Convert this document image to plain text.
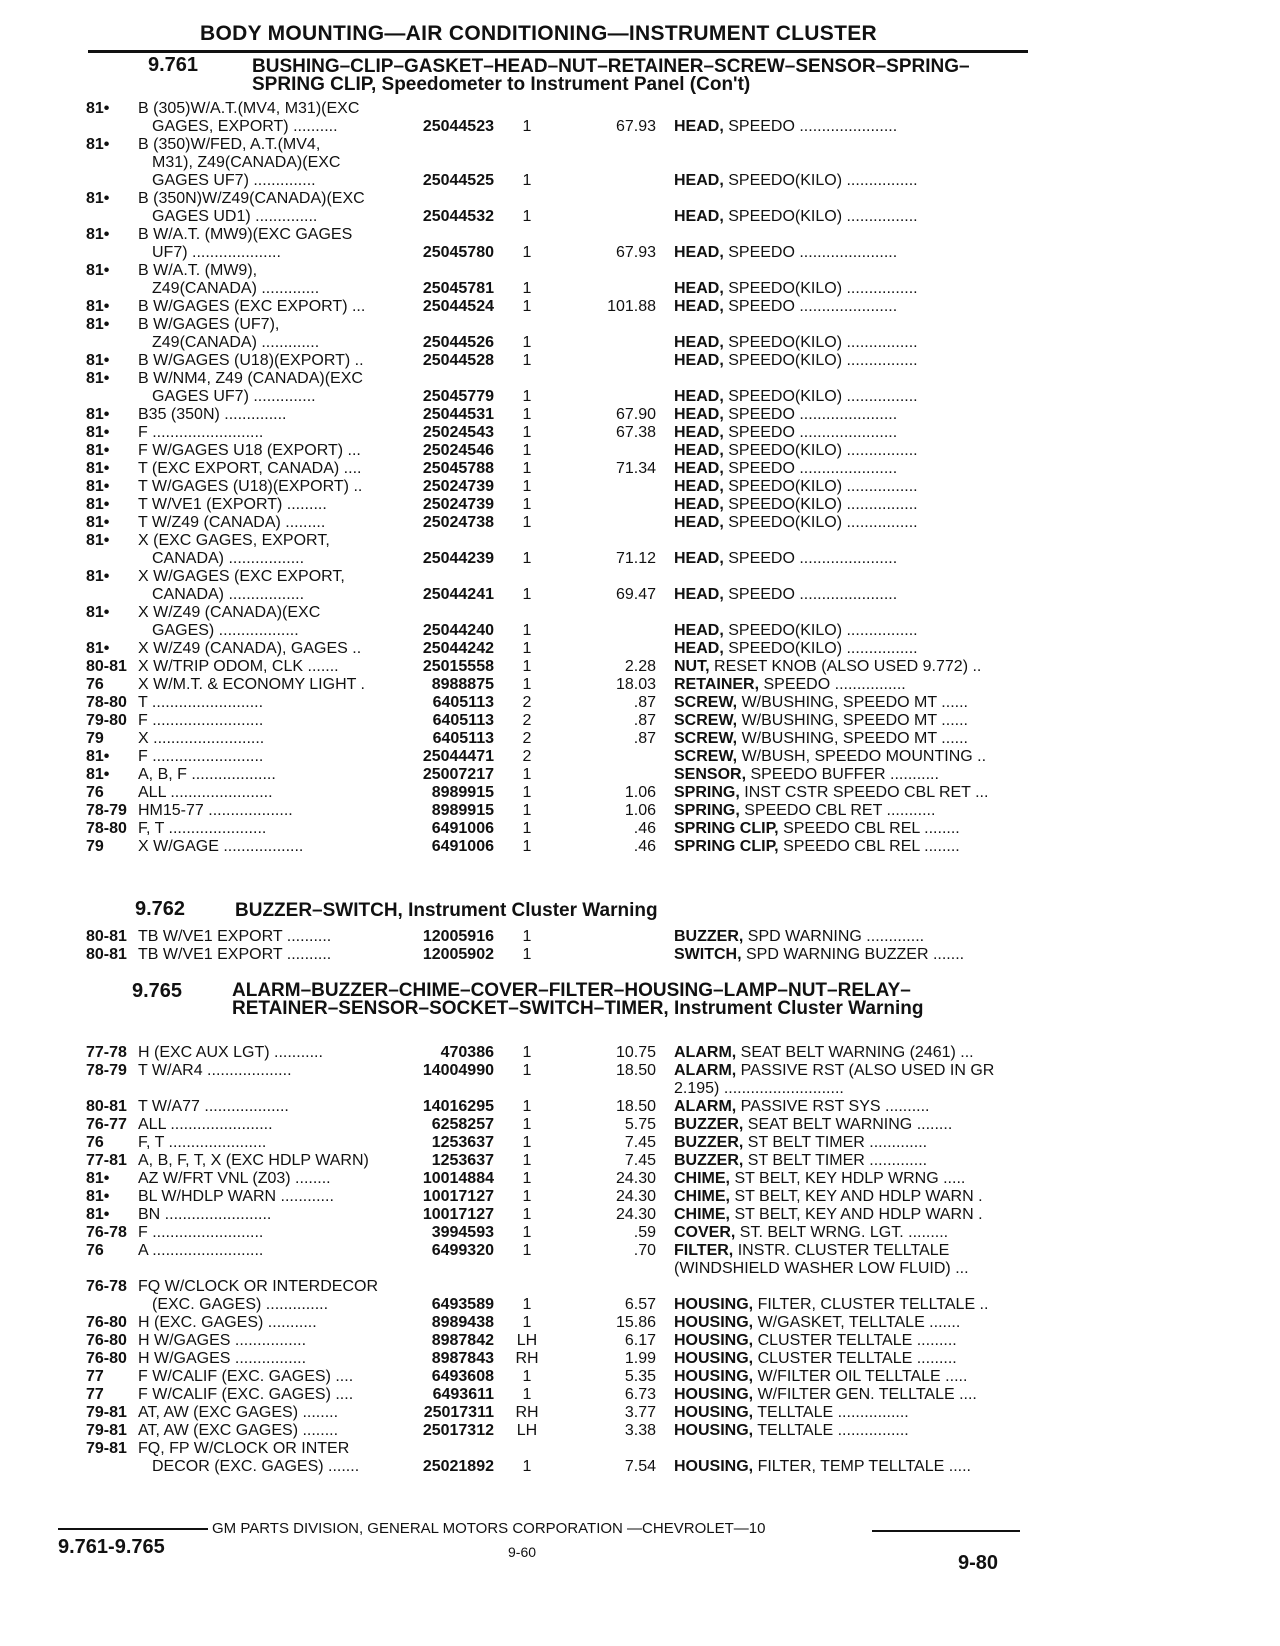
BODY MOUNTING—AIR CONDITIONING—INSTRUMENT CLUSTER
9.761	BUSHING–CLIP–GASKET–HEAD–NUT–RETAINER–SCREW–SENSOR–SPRING–SPRING CLIP, Speedometer to Instrument Panel (Con't)
81• B (305)W/A.T.(MV4, M31)(EXC
GAGES, EXPORT) ..........	25044523	1	67.93 HEAD, SPEEDO ......................
81• B (350)W/FED, A.T.(MV4,
M31), Z49(CANADA)(EXC
GAGES UF7) ..............	25044525	1	HEAD, SPEEDO(KILO) ................
81• B (350N)W/Z49(CANADA)(EXC
GAGES UD1) ..............	25044532	1	HEAD, SPEEDO(KILO) ................
81• B W/A.T. (MW9)(EXC GAGES
UF7) ....................	25045780	1	67.93 HEAD, SPEEDO ......................
81• B W/A.T. (MW9),
Z49(CANADA) .............	25045781	1	HEAD, SPEEDO(KILO) ................
81• B W/GAGES (EXC EXPORT) ...	25044524	1	101.88 HEAD, SPEEDO ......................
81• B W/GAGES (UF7),
Z49(CANADA) .............	25044526	1	HEAD, SPEEDO(KILO) ................
81• B W/GAGES (U18)(EXPORT) ..	25044528	1	HEAD, SPEEDO(KILO) ................
81• B W/NM4, Z49 (CANADA)(EXC
GAGES UF7) ..............	25045779	1	HEAD, SPEEDO(KILO) ................
81• B35 (350N) ..............	25044531	1	67.90 HEAD, SPEEDO ......................
81• F .........................	25024543	1	67.38 HEAD, SPEEDO ......................
81• F W/GAGES U18 (EXPORT) ...	25024546	1	HEAD, SPEEDO(KILO) ................
81• T (EXC EXPORT, CANADA) ....	25045788	1	71.34 HEAD, SPEEDO ......................
81• T W/GAGES (U18)(EXPORT) ..	25024739	1	HEAD, SPEEDO(KILO) ................
81• T W/VE1 (EXPORT) .........	25024739	1	HEAD, SPEEDO(KILO) ................
81• T W/Z49 (CANADA) .........	25024738	1	HEAD, SPEEDO(KILO) ................
81• X (EXC GAGES, EXPORT,
CANADA) .................	25044239	1	71.12 HEAD, SPEEDO ......................
81• X W/GAGES (EXC EXPORT,
CANADA) .................	25044241	1	69.47 HEAD, SPEEDO ......................
81• X W/Z49 (CANADA)(EXC
GAGES) ..................	25044240	1	HEAD, SPEEDO(KILO) ................
81• X W/Z49 (CANADA), GAGES ..	25044242	1	HEAD, SPEEDO(KILO) ................
80-81 X W/TRIP ODOM, CLK .......	25015558	1	2.28 NUT, RESET KNOB (ALSO USED 9.772) ..
76 X W/M.T. & ECONOMY LIGHT .	8988875	1	18.03 RETAINER, SPEEDO ................
78-80 T .........................	6405113	2	.87 SCREW, W/BUSHING, SPEEDO MT ......
79-80 F .........................	6405113	2	.87 SCREW, W/BUSHING, SPEEDO MT ......
79 X .........................	6405113	2	.87 SCREW, W/BUSHING, SPEEDO MT ......
81• F .........................	25044471	2	SCREW, W/BUSH, SPEEDO MOUNTING ..
81• A, B, F ...................	25007217	1	SENSOR, SPEEDO BUFFER ...........
76 ALL .......................	8989915	1	1.06 SPRING, INST CSTR SPEEDO CBL RET ...
78-79 HM15-77 ...................	8989915	1	1.06 SPRING, SPEEDO CBL RET ...........
78-80 F, T ......................	6491006	1	.46 SPRING CLIP, SPEEDO CBL REL ........
79 X W/GAGE ..................	6491006	1	.46 SPRING CLIP, SPEEDO CBL REL ........
9.762	BUZZER–SWITCH, Instrument Cluster Warning
80-81 TB W/VE1 EXPORT ..........	12005916	1	BUZZER, SPD WARNING .............
80-81 TB W/VE1 EXPORT ..........	12005902	1	SWITCH, SPD WARNING BUZZER .......
9.765	ALARM–BUZZER–CHIME–COVER–FILTER–HOUSING–LAMP–NUT–RELAY–RETAINER–SENSOR–SOCKET–SWITCH–TIMER, Instrument Cluster Warning
77-78 H (EXC AUX LGT) ...........	470386	1	10.75 ALARM, SEAT BELT WARNING (2461) ...
78-79 T W/AR4 ...................	14004990	1	18.50 ALARM, PASSIVE RST (ALSO USED IN GR
2.195) ...........................
80-81 T W/A77 ...................	14016295	1	18.50 ALARM, PASSIVE RST SYS ..........
76-77 ALL .......................	6258257	1	5.75 BUZZER, SEAT BELT WARNING ........
76 F, T ......................	1253637	1	7.45 BUZZER, ST BELT TIMER .............
77-81 A, B, F, T, X (EXC HDLP WARN)	1253637	1	7.45 BUZZER, ST BELT TIMER .............
81• AZ W/FRT VNL (Z03) ........	10014884	1	24.30 CHIME, ST BELT, KEY HDLP WRNG .....
81• BL W/HDLP WARN ............	10017127	1	24.30 CHIME, ST BELT, KEY AND HDLP WARN .
81• BN ........................	10017127	1	24.30 CHIME, ST BELT, KEY AND HDLP WARN .
76-78 F .........................	3994593	1	.59 COVER, ST. BELT WRNG. LGT. .........
76 A .........................	6499320	1	.70 FILTER, INSTR. CLUSTER TELLTALE
(WINDSHIELD WASHER LOW FLUID) ...
76-78 FQ W/CLOCK OR INTERDECOR
(EXC. GAGES) ..............	6493589	1	6.57 HOUSING, FILTER, CLUSTER TELLTALE ..
76-80 H (EXC. GAGES) ...........	8989438	1	15.86 HOUSING, W/GASKET, TELLTALE .......
76-80 H W/GAGES ................	8987842 LH	6.17 HOUSING, CLUSTER TELLTALE .........
76-80 H W/GAGES ................	8987843 RH	1.99 HOUSING, CLUSTER TELLTALE .........
77 F W/CALIF (EXC. GAGES) ....	6493608	1	5.35 HOUSING, W/FILTER OIL TELLTALE .....
77 F W/CALIF (EXC. GAGES) ....	6493611	1	6.73 HOUSING, W/FILTER GEN. TELLTALE ....
79-81 AT, AW (EXC GAGES) ........	25017311 RH	3.77 HOUSING, TELLTALE ................
79-81 AT, AW (EXC GAGES) ........	25017312 LH	3.38 HOUSING, TELLTALE ................
79-81 FQ, FP W/CLOCK OR INTER
DECOR (EXC. GAGES) .......	25021892	1	7.54 HOUSING, FILTER, TEMP TELLTALE .....
GM PARTS DIVISION, GENERAL MOTORS CORPORATION —CHEVROLET—10
9.761-9.765	9-60	9-80
